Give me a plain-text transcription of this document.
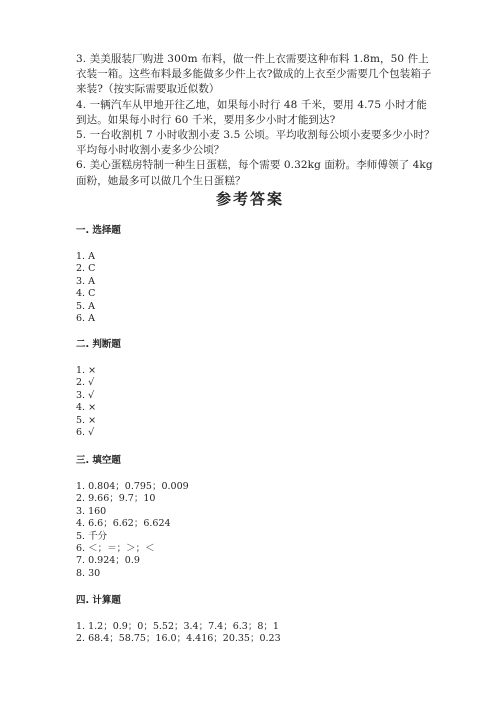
3. 美美服装厂购进 300m 布料，做一件上衣需要这种布料 1.8m，50 件上衣装一箱。这些布料最多能做多少件上衣?做成的上衣至少需要几个包装箱子来装?（按实际需要取近似数）

4. 一辆汽车从甲地开往乙地，如果每小时行 48 千米，要用 4.75 小时才能到达。如果每小时行 60 千米，要用多少小时才能到达?

5. 一台收割机 7 小时收割小麦 3.5 公顷。平均收割每公顷小麦要多少小时？平均每小时收割小麦多少公顷？

6. 美心蛋糕房特制一种生日蛋糕，每个需要 0.32kg 面粉。李师傅领了 4kg 面粉，她最多可以做几个生日蛋糕？

参考答案
一. 选择题
1. A
2. C
3. A
4. C
5. A
6. A
二. 判断题
1. ×
2. √
3. √
4. ×
5. ×
6. √
三. 填空题
1. 0.804；0.795；0.009
2. 9.66；9.7；10
3. 160
4. 6.6；6.62；6.624
5. 千分
6. ＜；＝；＞；＜
7. 0.924；0.9
8. 30
四. 计算题
1. 1.2；0.9；0；5.52；3.4；7.4；6.3；8；1
2. 68.4；58.75；16.0；4.416；20.35；0.23
